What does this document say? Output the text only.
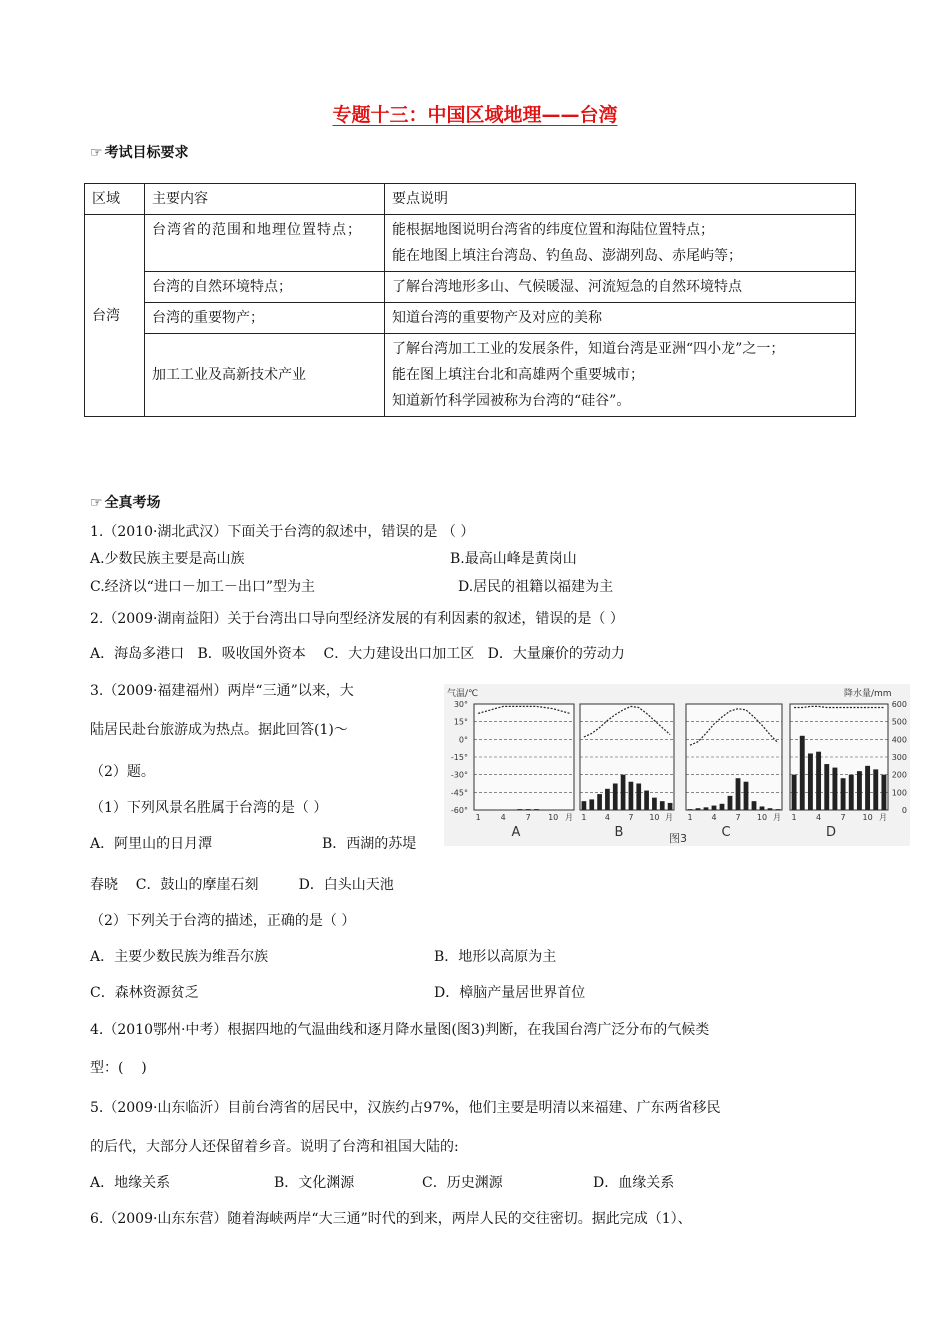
专题十三：中国区域地理——台湾
☞ 考试目标要求
区域	主要内容	要点说明
台湾	台湾省的范围和地理位置特点；	能根据地图说明台湾省的纬度位置和海陆位置特点；
能在地图上填注台湾岛、钓鱼岛、澎湖列岛、赤尾屿等；

	台湾的自然环境特点；	了解台湾地形多山、气候暖湿、河流短急的自然环境特点

	台湾的重要物产；	知道台湾的重要物产及对应的美称

	加工工业及高新技术产业	了解台湾加工工业的发展条件，知道台湾是亚洲“四小龙”之一；
能在图上填注台北和高雄两个重要城市；
知道新竹科学园被称为台湾的“硅谷”。
☞ 全真考场
1.（2010·湖北武汉）下面关于台湾的叙述中，错误的是 （ ）
A.少数民族主要是高山族	B.最高山峰是黄岗山
C.经济以“进口－加工－出口”型为主	D.居民的祖籍以福建为主
2.（2009·湖南益阳）关于台湾出口导向型经济发展的有利因素的叙述，错误的是（ ）
A．海岛多港口   B．吸收国外资本    C．大力建设出口加工区   D．大量廉价的劳动力
3.（2009·福建福州）两岸“三通”以来，大
陆居民赴台旅游成为热点。据此回答(1)～
（2）题。
（1）下列风景名胜属于台湾的是（ ）
A．阿里山的日月潭	B．西湖的苏堤
春晓    C．鼓山的摩崖石刻         D．白头山天池
（2）下列关于台湾的描述，正确的是（ ）
A．主要少数民族为维吾尔族	B．地形以高原为主
C．森林资源贫乏	D．樟脑产量居世界首位
4.（2010鄂州·中考）根据四地的气温曲线和逐月降水量图(图3)判断，在我国台湾广泛分布的气候类
型：(    )
5.（2009·山东临沂）目前台湾省的居民中，汉族约占97%，他们主要是明清以来福建、广东两省移民
的后代，大部分人还保留着乡音。说明了台湾和祖国大陆的:
A．地缘关系	B．文化渊源	C．历史渊源	D．血缘关系
6.（2009·山东东营）随着海峡两岸“大三通”时代的到来，两岸人民的交往密切。据此完成（1）、
气温/℃	降水量/mm
30°
15°
0°
-15°
-30°
-45°
-60°
600
500
400
300
200
100
0
1 4 7 10 月
A
1 4 7 10 月
B
1 4 7 10 月
C
1 4 7 10 月
D
图3
